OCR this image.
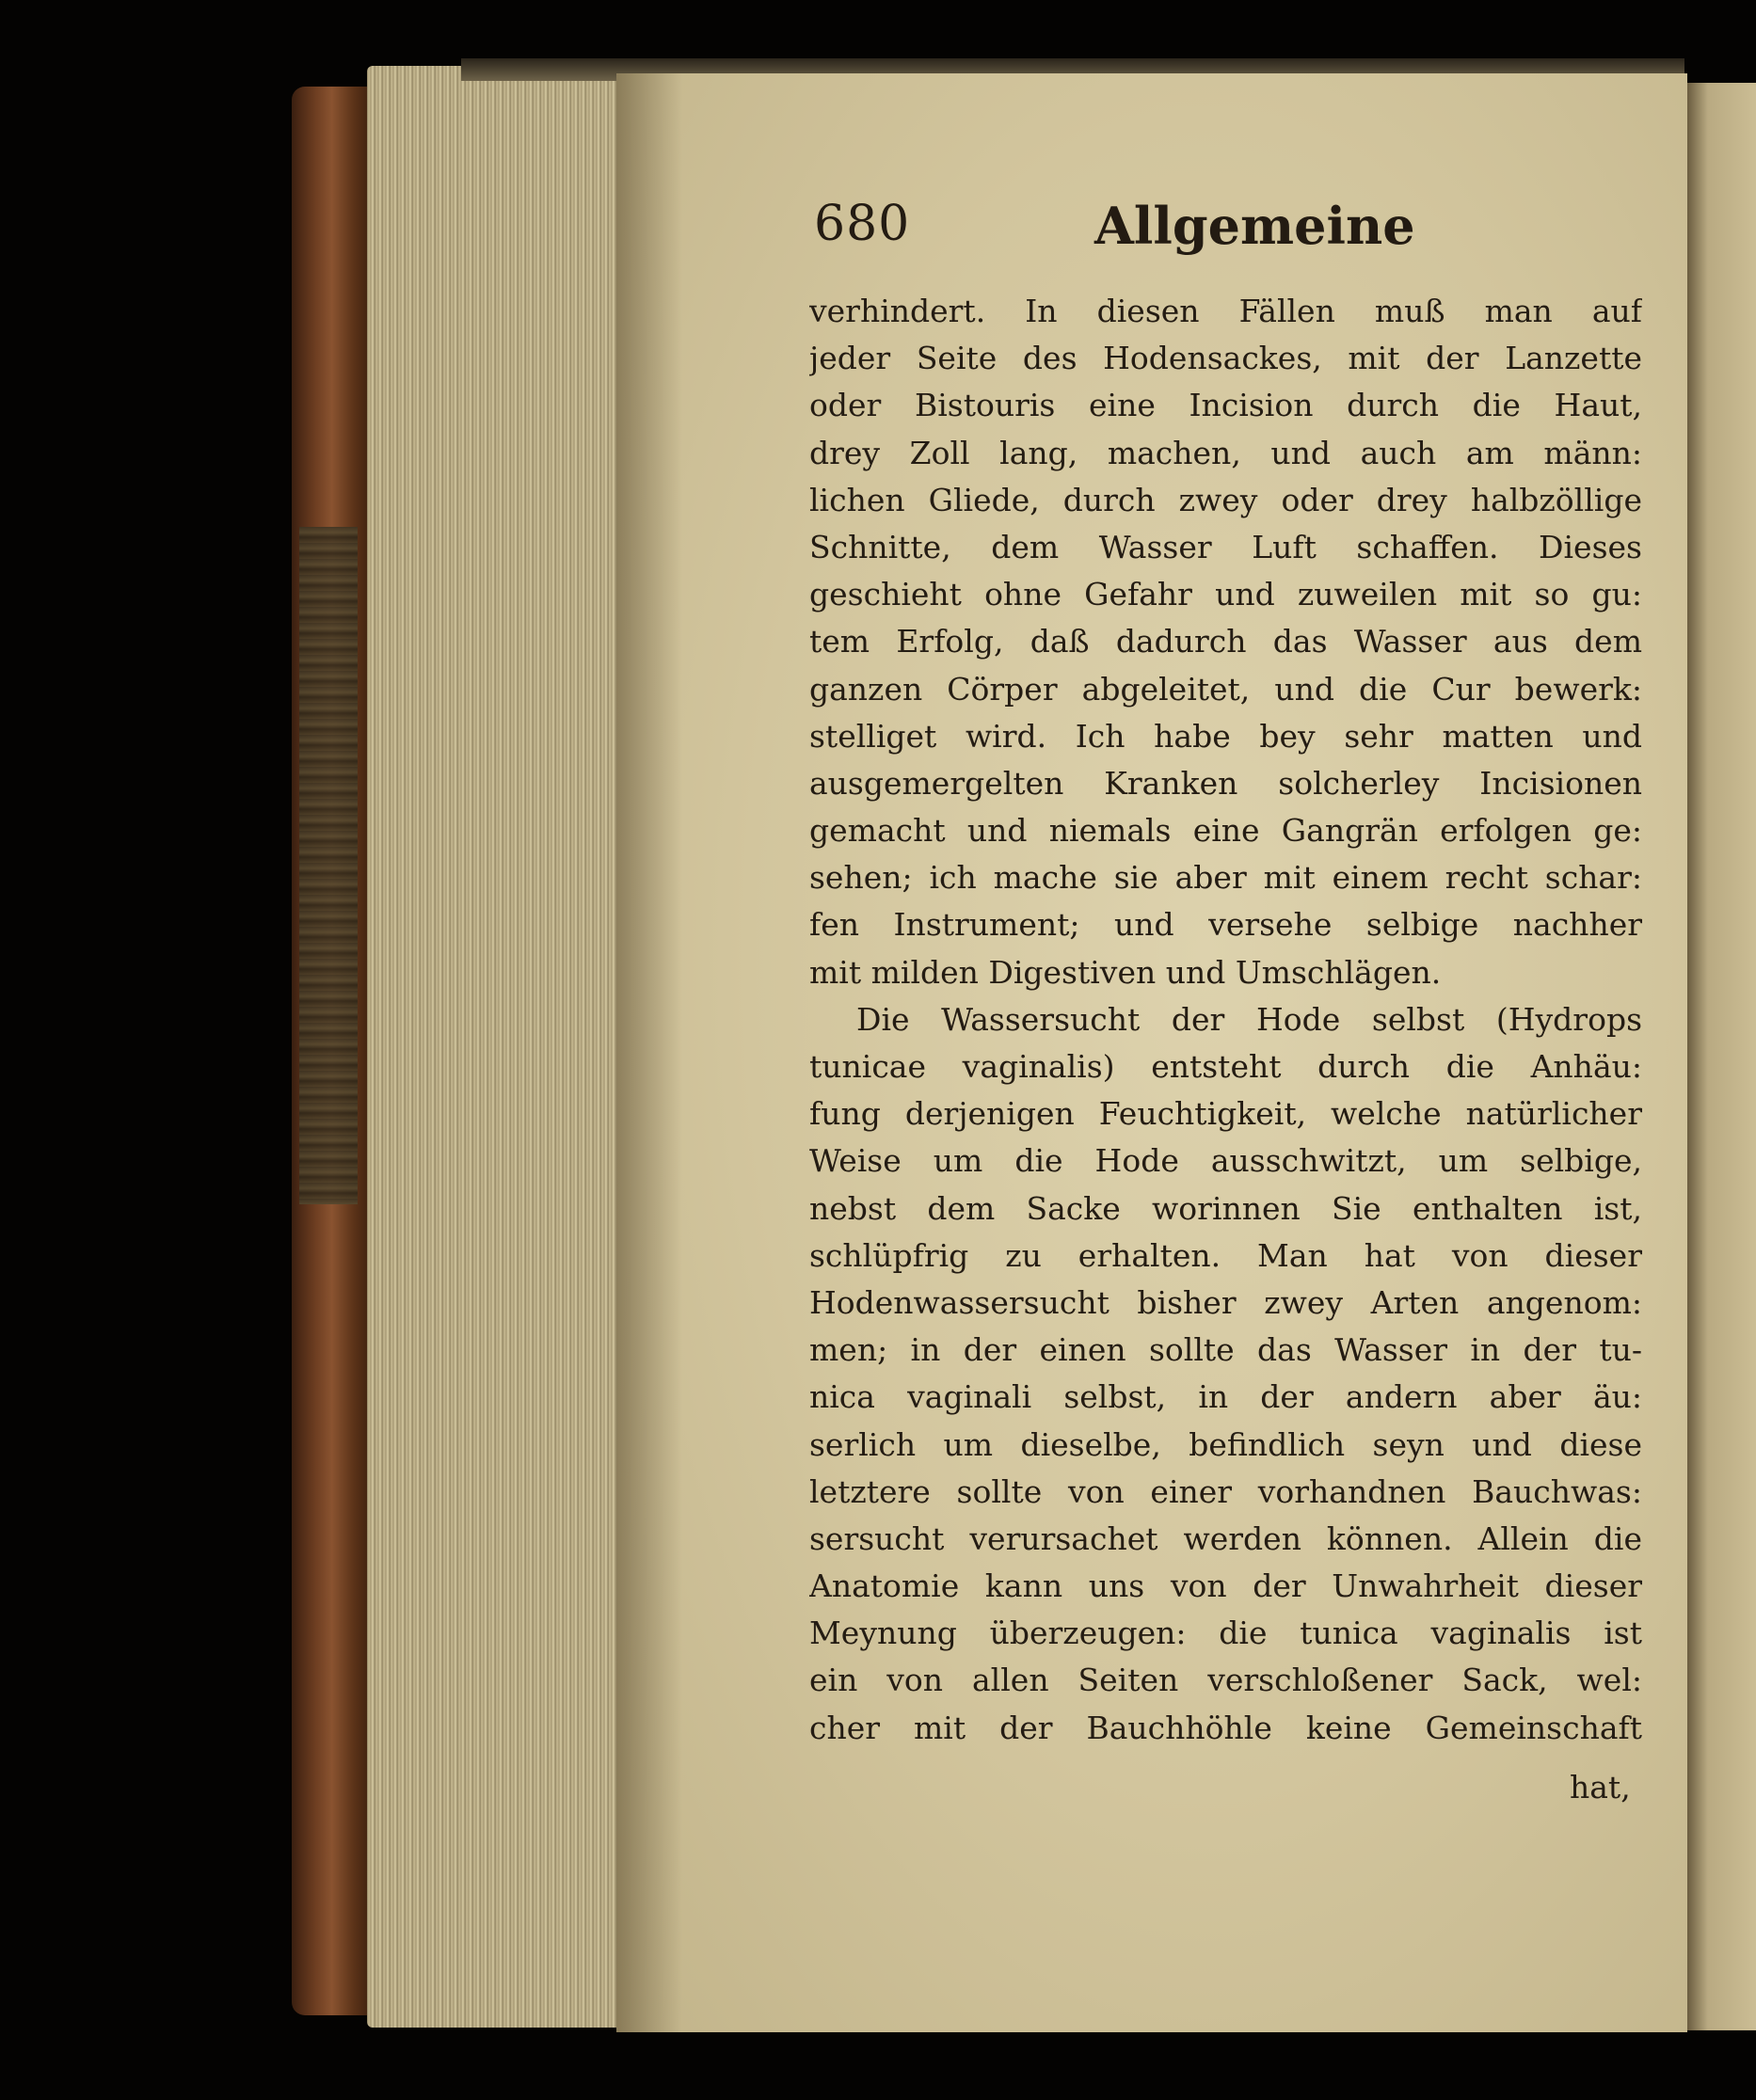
680	Allgemeine
verhindert. In diesen Fällen muß man auf
jeder Seite des Hodensackes, mit der Lanzette
oder Bistouris eine Incision durch die Haut,
drey Zoll lang, machen, und auch am männ:
lichen Gliede, durch zwey oder drey halbzöllige
Schnitte, dem Wasser Luft schaffen. Dieses
geschieht ohne Gefahr und zuweilen mit so gu:
tem Erfolg, daß dadurch das Wasser aus dem
ganzen Cörper abgeleitet, und die Cur bewerk:
stelliget wird. Ich habe bey sehr matten und
ausgemergelten Kranken solcherley Incisionen
gemacht und niemals eine Gangrän erfolgen ge:
sehen; ich mache sie aber mit einem recht schar:
fen Instrument; und versehe selbige nachher
mit milden Digestiven und Umschlägen.
Die Wassersucht der Hode selbst (Hydrops
tunicae vaginalis) entsteht durch die Anhäu:
fung derjenigen Feuchtigkeit, welche natürlicher
Weise um die Hode ausschwitzt, um selbige,
nebst dem Sacke worinnen Sie enthalten ist,
schlüpfrig zu erhalten. Man hat von dieser
Hodenwassersucht bisher zwey Arten angenom:
men; in der einen sollte das Wasser in der tu-
nica vaginali selbst, in der andern aber äu:
serlich um dieselbe, befindlich seyn und diese
letztere sollte von einer vorhandnen Bauchwas:
sersucht verursachet werden können. Allein die
Anatomie kann uns von der Unwahrheit dieser
Meynung überzeugen: die tunica vaginalis ist
ein von allen Seiten verschloßener Sack, wel:
cher mit der Bauchhöhle keine Gemeinschaft
hat,
